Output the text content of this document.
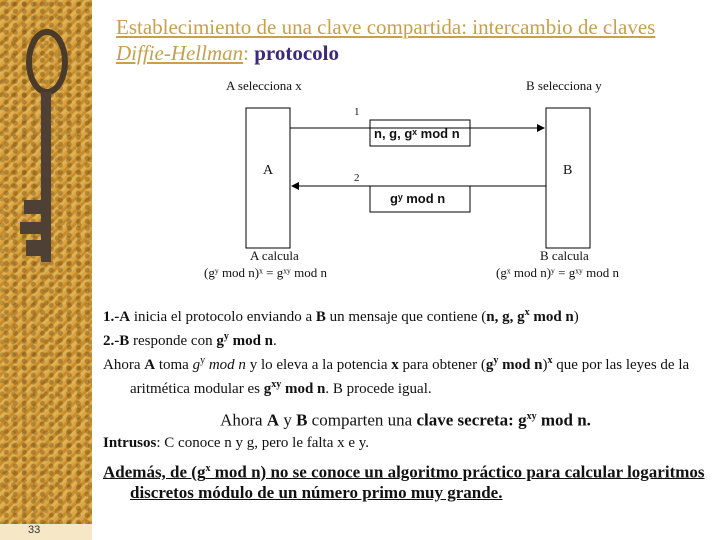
33
Establecimiento de una clave compartida: intercambio de claves Diffie-Hellman: protocolo
A selecciona x	B selecciona y
1
2
n, g, gˣ mod n
gʸ mod n
A	B
A calcula
(gʸ mod n)ˣ = gˣʸ mod n
B calcula
(gˣ mod n)ʸ = gˣʸ mod n

1.-A inicia el protocolo enviando a B un mensaje que contiene (n, g, $g^x$ mod n)

2.-B responde con $g^y$ mod n.

Ahora A toma $g^y$ mod n y lo eleva a la potencia x para obtener ($g^y$ mod n)$^x$ que por las leyes de la aritmética modular es $g^{xy}$ mod n. B procede igual.

Ahora A y B comparten una clave secreta: $g^{xy}$ mod n.

Intrusos: C conoce n y g, pero le falta x e y.

Además, de ($g^x$ mod n) no se conoce un algoritmo práctico para calcular logaritmos discretos módulo de un número primo muy grande.
